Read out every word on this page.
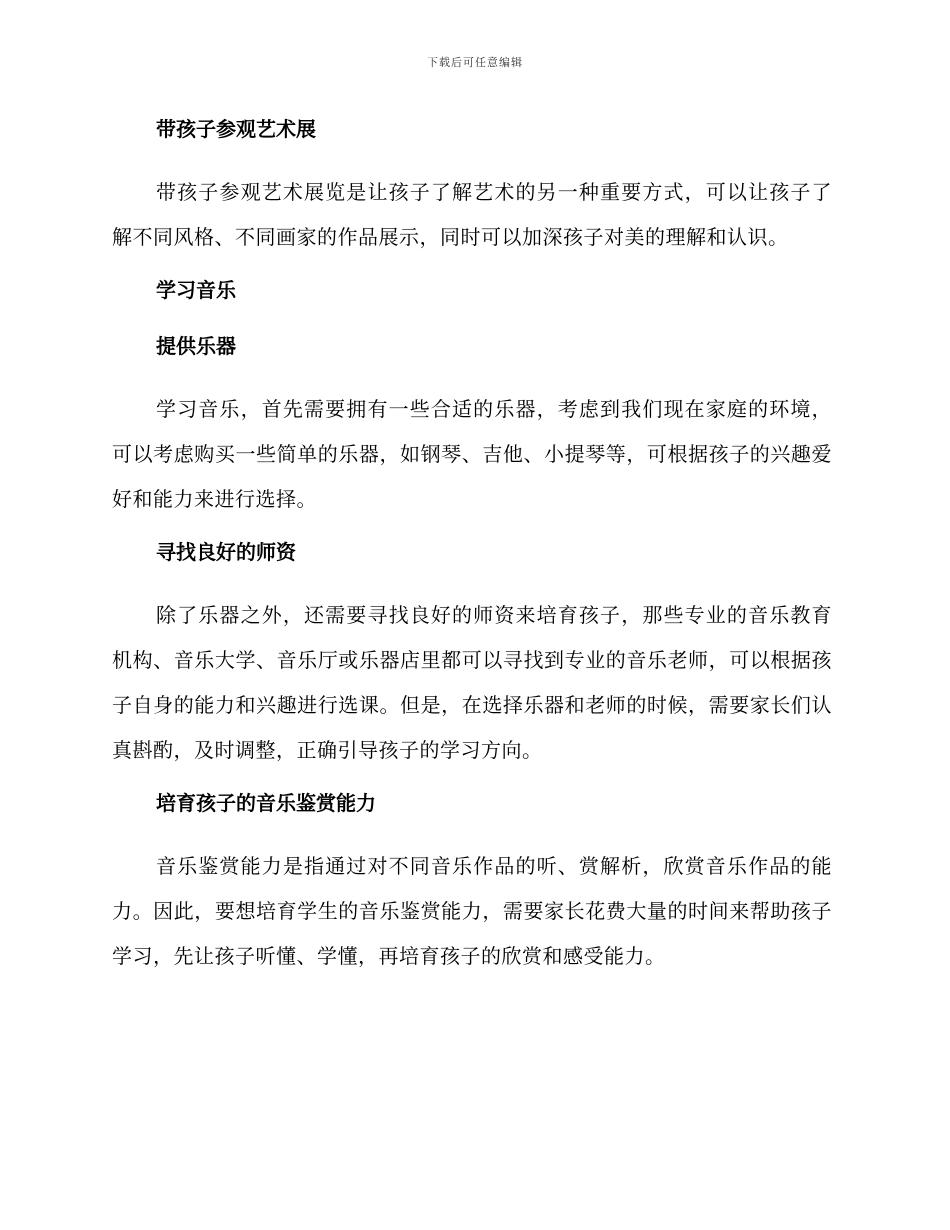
下载后可任意编辑
带孩子参观艺术展

带孩子参观艺术展览是让孩子了解艺术的另一种重要方式，可以让孩子了解不同风格、不同画家的作品展示，同时可以加深孩子对美的理解和认识。

学习音乐
提供乐器

学习音乐，首先需要拥有一些合适的乐器，考虑到我们现在家庭的环境，可以考虑购买一些简单的乐器，如钢琴、吉他、小提琴等，可根据孩子的兴趣爱好和能力来进行选择。

寻找良好的师资

除了乐器之外，还需要寻找良好的师资来培育孩子，那些专业的音乐教育机构、音乐大学、音乐厅或乐器店里都可以寻找到专业的音乐老师，可以根据孩子自身的能力和兴趣进行选课。但是，在选择乐器和老师的时候，需要家长们认真斟酌，及时调整，正确引导孩子的学习方向。

培育孩子的音乐鉴赏能力

音乐鉴赏能力是指通过对不同音乐作品的听、赏解析，欣赏音乐作品的能力。因此，要想培育学生的音乐鉴赏能力，需要家长花费大量的时间来帮助孩子学习，先让孩子听懂、学懂，再培育孩子的欣赏和感受能力。
